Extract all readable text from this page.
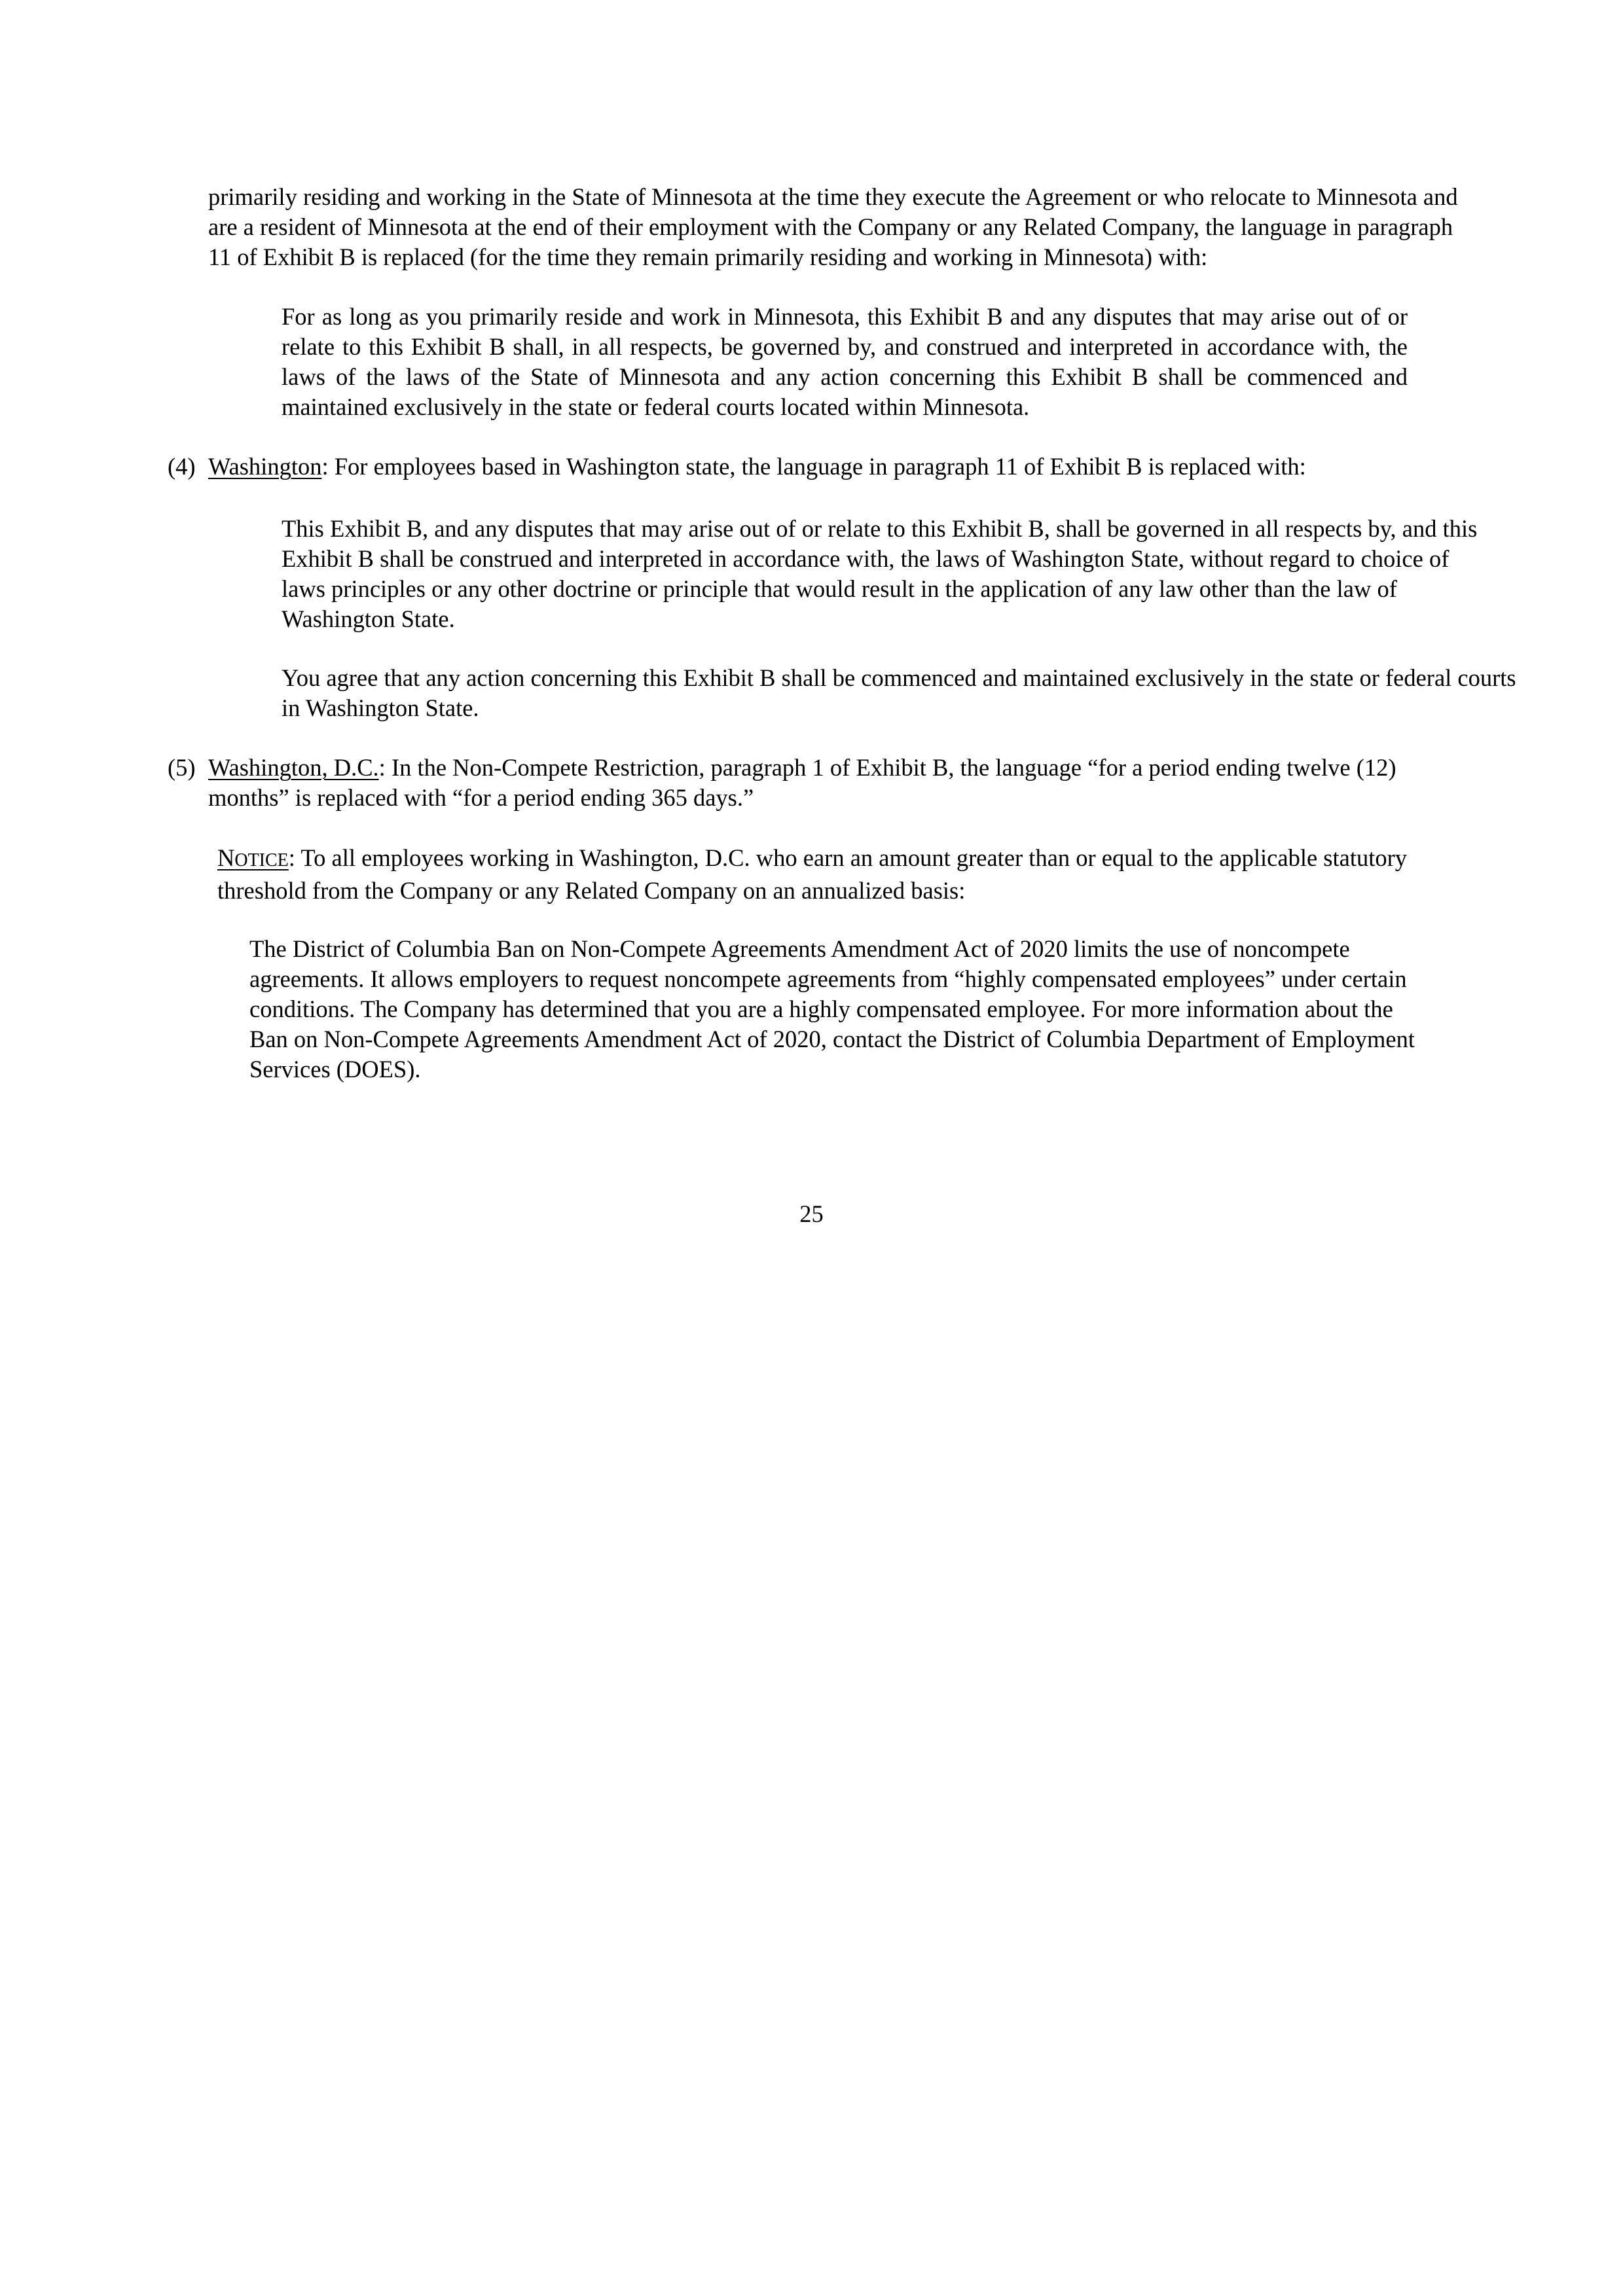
primarily residing and working in the State of Minnesota at the time they execute the Agreement or who relocate to Minnesota and are a resident of Minnesota at the end of their employment with the Company or any Related Company, the language in paragraph 11 of Exhibit B is replaced (for the time they remain primarily residing and working in Minnesota) with:

For as long as you primarily reside and work in Minnesota, this Exhibit B and any disputes that may arise out of or relate to this Exhibit B shall, in all respects, be governed by, and construed and interpreted in accordance with, the laws of the laws of the State of Minnesota and any action concerning this Exhibit B shall be commenced and maintained exclusively in the state or federal courts located within Minnesota.

(4) Washington: For employees based in Washington state, the language in paragraph 11 of Exhibit B is replaced with:

This Exhibit B, and any disputes that may arise out of or relate to this Exhibit B, shall be governed in all respects by, and this Exhibit B shall be construed and interpreted in accordance with, the laws of Washington State, without regard to choice of laws principles or any other doctrine or principle that would result in the application of any law other than the law of Washington State.

You agree that any action concerning this Exhibit B shall be commenced and maintained exclusively in the state or federal courts in Washington State.

(5) Washington, D.C.: In the Non-Compete Restriction, paragraph 1 of Exhibit B, the language “for a period ending twelve (12) months” is replaced with “for a period ending 365 days.”

NOTICE: To all employees working in Washington, D.C. who earn an amount greater than or equal to the applicable statutory threshold from the Company or any Related Company on an annualized basis:

The District of Columbia Ban on Non-Compete Agreements Amendment Act of 2020 limits the use of noncompete agreements. It allows employers to request noncompete agreements from “highly compensated employees” under certain conditions. The Company has determined that you are a highly compensated employee. For more information about the Ban on Non-Compete Agreements Amendment Act of 2020, contact the District of Columbia Department of Employment Services (DOES).

25
